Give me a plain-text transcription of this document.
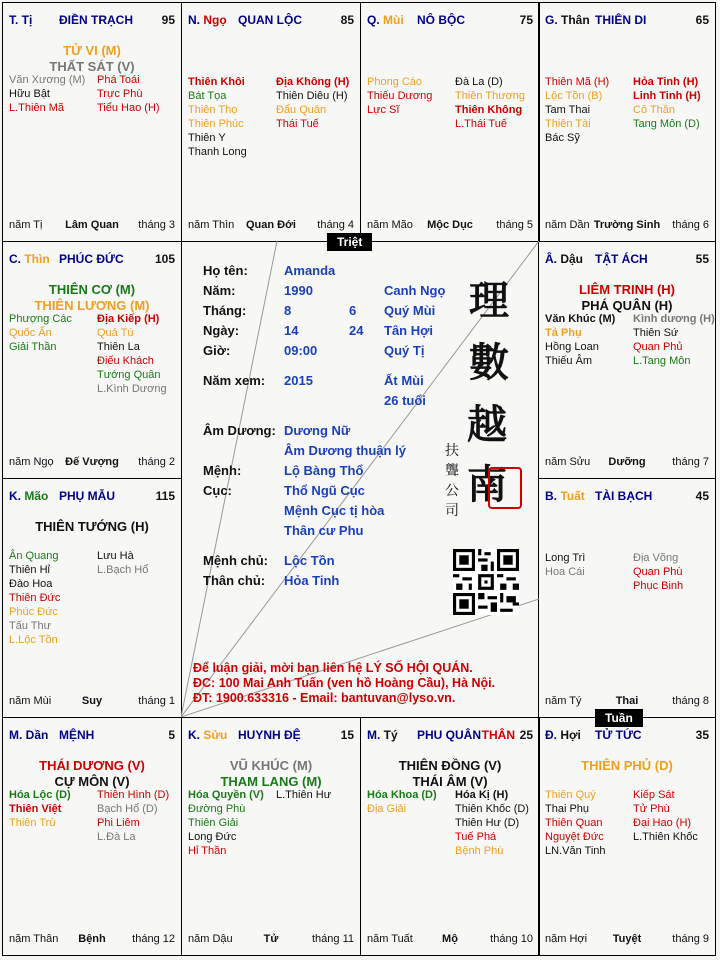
T. Tị ĐIỀN TRẠCH 95
TỬ VI (M)
THẤT SÁT (V)
Văn Xương (M)
Hữu Bật
L.Thiên Mã
Phá Toái
Trực Phù
Tiểu Hao (H)
năm Tị	Lâm Quan	tháng 3
N. Ngọ QUAN LỘC	85
Thiên Khôi
Bát Tọa
Thiên Thọ
Thiên Phúc
Thiên Y
Thanh Long
Địa Không (H)
Thiên Diêu (H)
Đẩu Quân
Thái Tuế
năm Thìn	Quan Đới	tháng 4
Q. Mùi NÔ BỘC	75
Phong Cáo
Thiếu Dương
Lực Sĩ
Đà La (D)
Thiên Thương
Thiên Không
L.Thái Tuế
năm Mão	Mộc Dục	tháng 5
G. Thân THIÊN DI	65
Thiên Mã (H)
Lộc Tồn (B)
Tam Thai
Thiên Tài
Bác Sỹ
Hỏa Tinh (H)
Linh Tinh (H)
Cô Thần
Tang Môn (D)
năm Dần Trường Sinh	tháng 6
C. Thìn PHÚC ĐỨC	105
THIÊN CƠ (M)
THIÊN LƯƠNG (M)
Phượng Các
Quốc Ấn
Giải Thần
Địa Kiếp (H)
Quả Tú
Thiên La
Điếu Khách
Tướng Quân
L.Kình Dương
năm Ngọ	Đế Vượng	tháng 2
Â. Dậu TẬT ÁCH	55
LIÊM TRINH (H)
PHÁ QUÂN (H)
Văn Khúc (M)
Tả Phụ
Hồng Loan
Thiếu Âm
Kình dương (H)
Thiên Sứ
Quan Phủ
L.Tang Môn
năm Sửu	Dưỡng	tháng 7
K. Mão PHỤ MẪU	115
THIÊN TƯỚNG (H)
Ân Quang
Thiên Hỉ
Đào Hoa
Thiên Đức
Phúc Đức
Tấu Thư
L.Lộc Tồn
Lưu Hà
L.Bạch Hổ
năm Mùi	Suy	tháng 1
B. Tuất TÀI BẠCH	45
Long Trì
Hoa Cái
Địa Võng
Quan Phù
Phục Binh
năm Tý	Thai	tháng 8
M. Dần MỆNH	5
THÁI DƯƠNG (V)
CỰ MÔN (V)
Hóa Lộc (D)
Thiên Việt
Thiên Trù
Thiên Hình (D)
Bạch Hổ (D)
Phi Liêm
L.Đà La
năm Thân	Bệnh	tháng 12
K. Sửu HUYNH ĐỆ	15
VŨ KHÚC (M)
THAM LANG (M)
Hóa Quyền (V)
Đường Phù
Thiên Giải
Long Đức
Hỉ Thần
L.Thiên Hư
năm Dậu	Tử	tháng 11
M. Tý PHU QUÂN THÂN 25
THIÊN ĐỒNG (V)
THÁI ÂM (V)
Hóa Khoa (D)
Địa Giải
Hóa Kị (H)
Thiên Khốc (D)
Thiên Hư (D)
Tuế Phá
Bệnh Phù
năm Tuất	Mộ	tháng 10
Đ. Hợi TỬ TỨC	35
THIÊN PHỦ (D)
Thiên Quý
Thai Phụ
Thiên Quan
Nguyệt Đức
LN.Văn Tinh
Kiếp Sát
Tử Phù
Đại Hao (H)
L.Thiên Khốc
năm Hợi	Tuyệt	tháng 9
Họ tên:	Amanda
Năm:	1990	Canh Ngọ
Tháng:	8	6 Quý Mùi
Ngày:	14	24 Tân Hợi
Giờ:	09:00	Quý Tị
Năm xem: 2015	Ất Mùi
26 tuổi
Âm Dương: Dương Nữ
Âm Dương thuận lý
Mệnh:	Lộ Bàng Thổ
Cục:	Thổ Ngũ Cục
Mệnh Cục tị hòa
Thân cư Phu
Mệnh chủ: Lộc Tồn
Thân chủ: Hỏa Tinh
理
數
越
南
扶
聾
公
司
Để luận giải, mời bạn liên hệ LÝ SỐ HỘI QUÁN.
ĐC: 100 Mai Anh Tuấn (ven hồ Hoàng Cầu), Hà Nội.
ĐT: 1900.633316 - Email: bantuvan@lyso.vn.
Triệt
Tuần
